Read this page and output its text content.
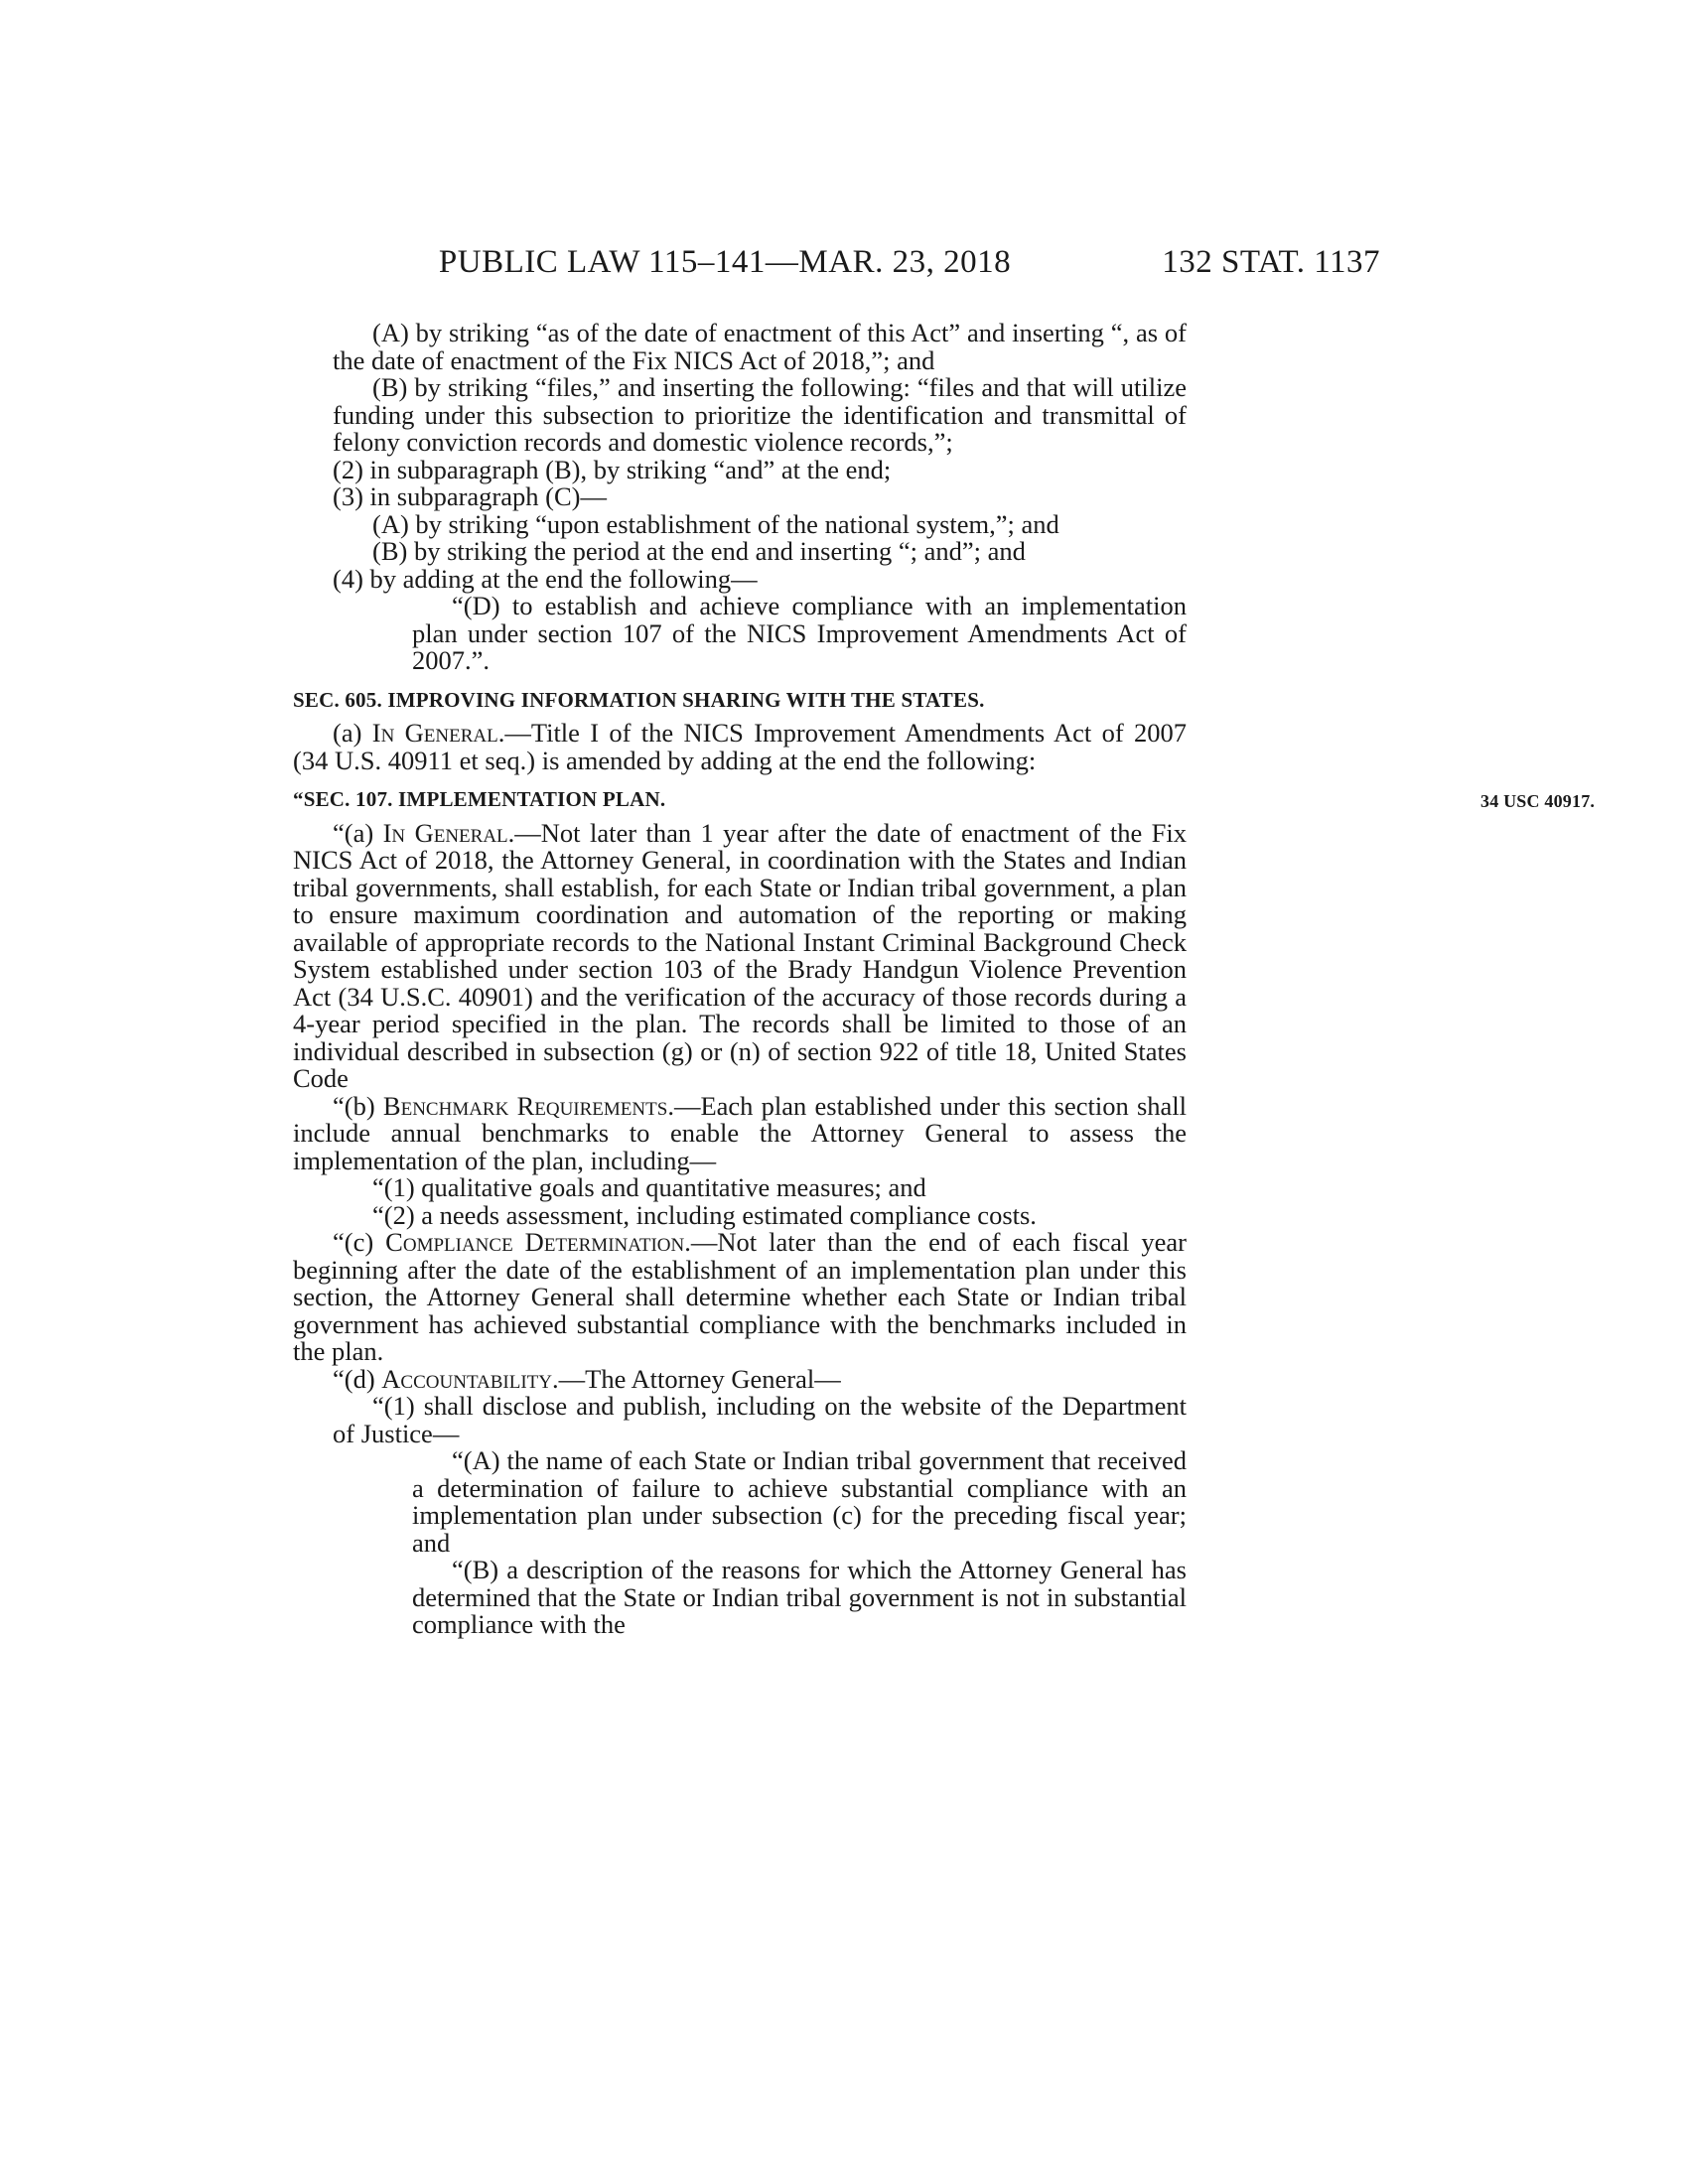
PUBLIC LAW 115–141—MAR. 23, 2018	132 STAT. 1137

(A) by striking “as of the date of enactment of this Act” and inserting “, as of the date of enactment of the Fix NICS Act of 2018,”; and

(B) by striking “files,” and inserting the following: “files and that will utilize funding under this subsection to prioritize the identification and transmittal of felony conviction records and domestic violence records,”;

(2) in subparagraph (B), by striking “and” at the end;

(3) in subparagraph (C)—

(A) by striking “upon establishment of the national system,”; and

(B) by striking the period at the end and inserting “; and”; and

(4) by adding at the end the following—

“(D) to establish and achieve compliance with an implementation plan under section 107 of the NICS Improvement Amendments Act of 2007.”.

SEC. 605. IMPROVING INFORMATION SHARING WITH THE STATES.

(a) In General.—Title I of the NICS Improvement Amendments Act of 2007 (34 U.S. 40911 et seq.) is amended by adding at the end the following:

“SEC. 107. IMPLEMENTATION PLAN.	34 USC 40917.

“(a) In General.—Not later than 1 year after the date of enactment of the Fix NICS Act of 2018, the Attorney General, in coordination with the States and Indian tribal governments, shall establish, for each State or Indian tribal government, a plan to ensure maximum coordination and automation of the reporting or making available of appropriate records to the National Instant Criminal Background Check System established under section 103 of the Brady Handgun Violence Prevention Act (34 U.S.C. 40901) and the verification of the accuracy of those records during a 4-year period specified in the plan. The records shall be limited to those of an individual described in subsection (g) or (n) of section 922 of title 18, United States Code

“(b) Benchmark Requirements.—Each plan established under this section shall include annual benchmarks to enable the Attorney General to assess the implementation of the plan, including—

“(1) qualitative goals and quantitative measures; and

“(2) a needs assessment, including estimated compliance costs.

“(c) Compliance Determination.—Not later than the end of each fiscal year beginning after the date of the establishment of an implementation plan under this section, the Attorney General shall determine whether each State or Indian tribal government has achieved substantial compliance with the benchmarks included in the plan.

“(d) Accountability.—The Attorney General—

“(1) shall disclose and publish, including on the website of the Department of Justice—

“(A) the name of each State or Indian tribal government that received a determination of failure to achieve substantial compliance with an implementation plan under subsection (c) for the preceding fiscal year; and

“(B) a description of the reasons for which the Attorney General has determined that the State or Indian tribal government is not in substantial compliance with the
